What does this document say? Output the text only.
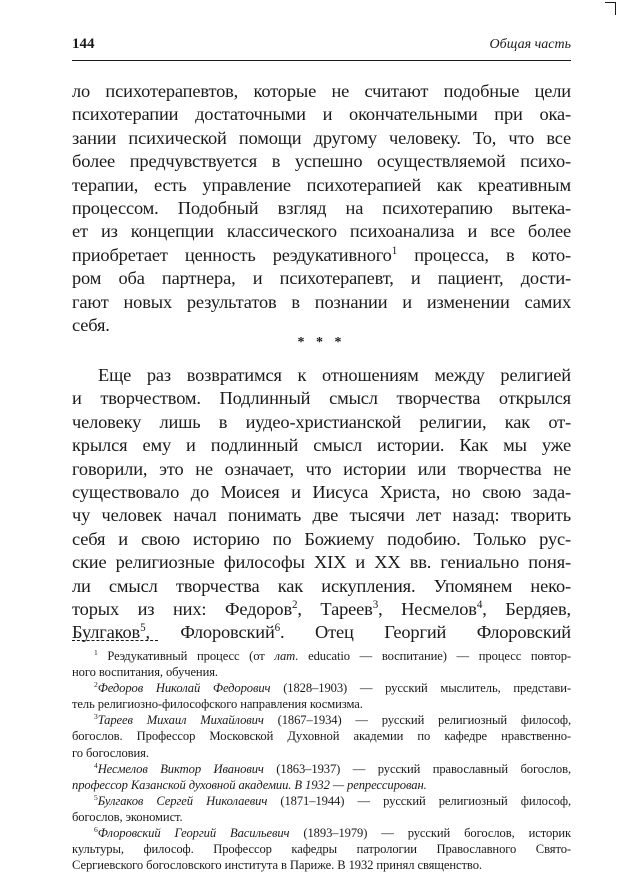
144	Общая часть
ло психотерапевтов, которые не считают подобные цели
психотерапии достаточными и окончательными при ока-
зании психической помощи другому человеку. То, что все
более предчувствуется в успешно осуществляемой психо-
терапии, есть управление психотерапией как креативным
процессом. Подобный взгляд на психотерапию вытека-
ет из концепции классического психоанализа и все более
приобретает ценность реэдукативного$^1$ процесса, в кото-
ром оба партнера, и психотерапевт, и пациент, дости-
гают новых результатов в познании и изменении самих
себя.
* * *
Еще раз возвратимся к отношениям между религией
и творчеством. Подлинный смысл творчества открылся
человеку лишь в иудео-христианской религии, как от-
крылся ему и подлинный смысл истории. Как мы уже
говорили, это не означает, что истории или творчества не
существовало до Моисея и Иисуса Христа, но свою зада-
чу человек начал понимать две тысячи лет назад: творить
себя и свою историю по Божиему подобию. Только рус-
ские религиозные философы XIX и XX вв. гениально поня-
ли смысл творчества как искупления. Упомянем неко-
торых из них: Федоров$^2$, Тареев$^3$, Несмелов$^4$, Бердяев,
Булгаков$^5$, Флоровский$^6$. Отец Георгий Флоровский
$^1$ Реэдукативный процесс (от лат. educatio — воспитание) — процесс повтор-
ного воспитания, обучения.
$^2$Федоров Николай Федорович (1828–1903) — русский мыслитель, представи-
тель религиозно-философского направления космизма.
$^3$Тареев Михаил Михайлович (1867–1934) — русский религиозный философ,
богослов. Профессор Московской Духовной академии по кафедре нравственно-
го богословия.
$^4$Несмелов Виктор Иванович (1863–1937) — русский православный богослов,
профессор Казанской духовной академии. В 1932 — репрессирован.
$^5$Булгаков Сергей Николаевич (1871–1944) — русский религиозный философ,
богослов, экономист.
$^6$Флоровский Георгий Васильевич (1893–1979) — русский богослов, историк
культуры, философ. Профессор кафедры патрологии Православного Свято-
Сергиевского богословского института в Париже. В 1932 принял священство.
